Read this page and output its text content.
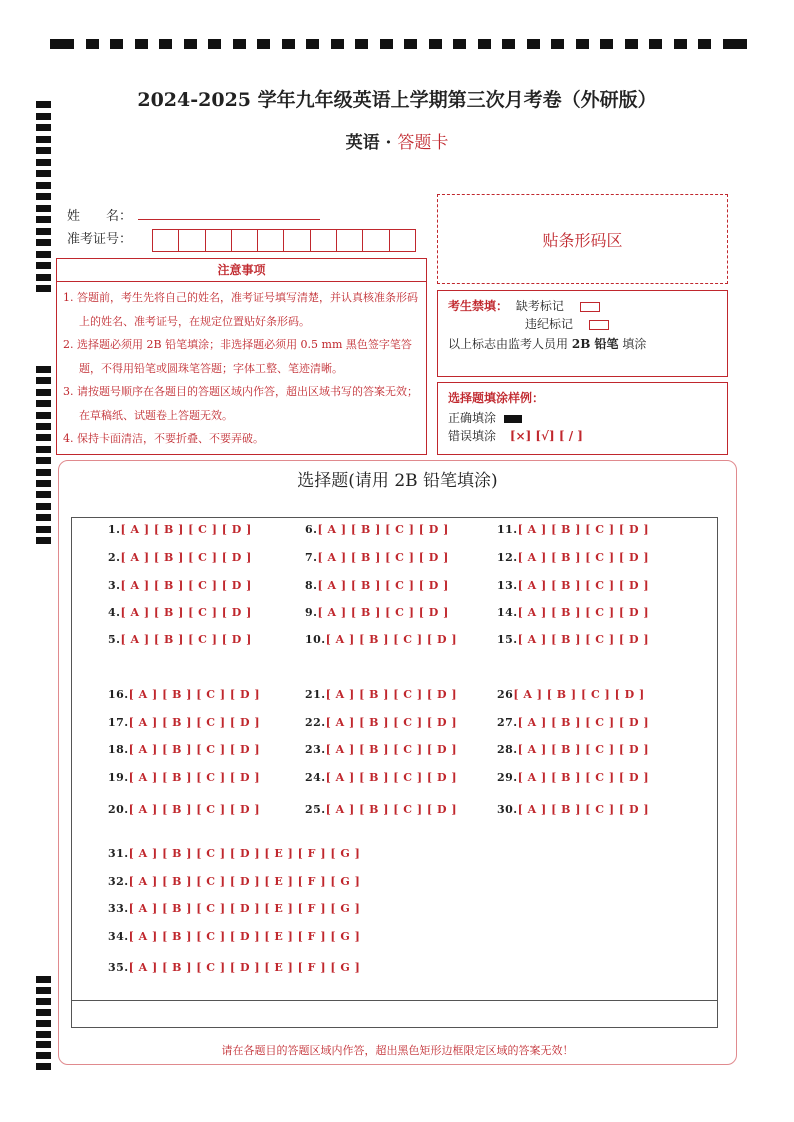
2024-2025 学年九年级英语上学期第三次月考卷（外研版）
英语 · 答题卡
姓　　名：
准考证号：	贴条形码区
注意事项
1. 答题前，考生先将自己的姓名，准考证号填写清楚，并认真核准条形码上的姓名、准考证号，在规定位置贴好条形码。
2. 选择题必须用 2B 铅笔填涂；非选择题必须用 0.5 mm 黑色签字笔答题，不得用铅笔或圆珠笔答题；字体工整、笔迹清晰。
3. 请按题号顺序在各题目的答题区域内作答，超出区域书写的答案无效；在草稿纸、试题卷上答题无效。
4. 保持卡面清洁，不要折叠、不要弄破。
考生禁填： 缺考标记
违纪标记
以上标志由监考人员用 2B 铅笔 填涂
选择题填涂样例：
正确填涂
错误填涂 [×] [√] [ / ]
选择题(请用 2B 铅笔填涂)
1.[ A ] [ B ] [ C ] [ D ]
2.[ A ] [ B ] [ C ] [ D ]
3.[ A ] [ B ] [ C ] [ D ]
4.[ A ] [ B ] [ C ] [ D ]
5.[ A ] [ B ] [ C ] [ D ]
6.[ A ] [ B ] [ C ] [ D ]
7.[ A ] [ B ] [ C ] [ D ]
8.[ A ] [ B ] [ C ] [ D ]
9.[ A ] [ B ] [ C ] [ D ]
10.[ A ] [ B ] [ C ] [ D ]
11.[ A ] [ B ] [ C ] [ D ]
12.[ A ] [ B ] [ C ] [ D ]
13.[ A ] [ B ] [ C ] [ D ]
14.[ A ] [ B ] [ C ] [ D ]
15.[ A ] [ B ] [ C ] [ D ]
16.[ A ] [ B ] [ C ] [ D ]
17.[ A ] [ B ] [ C ] [ D ]
18.[ A ] [ B ] [ C ] [ D ]
19.[ A ] [ B ] [ C ] [ D ]
20.[ A ] [ B ] [ C ] [ D ]
21.[ A ] [ B ] [ C ] [ D ]
22.[ A ] [ B ] [ C ] [ D ]
23.[ A ] [ B ] [ C ] [ D ]
24.[ A ] [ B ] [ C ] [ D ]
25.[ A ] [ B ] [ C ] [ D ]
26[ A ] [ B ] [ C ] [ D ]
27.[ A ] [ B ] [ C ] [ D ]
28.[ A ] [ B ] [ C ] [ D ]
29.[ A ] [ B ] [ C ] [ D ]
30.[ A ] [ B ] [ C ] [ D ]
31.[ A ] [ B ] [ C ] [ D ] [ E ] [ F ] [ G ]
32.[ A ] [ B ] [ C ] [ D ] [ E ] [ F ] [ G ]
33.[ A ] [ B ] [ C ] [ D ] [ E ] [ F ] [ G ]
34.[ A ] [ B ] [ C ] [ D ] [ E ] [ F ] [ G ]
35.[ A ] [ B ] [ C ] [ D ] [ E ] [ F ] [ G ]
请在各题目的答题区域内作答，超出黑色矩形边框限定区域的答案无效！
